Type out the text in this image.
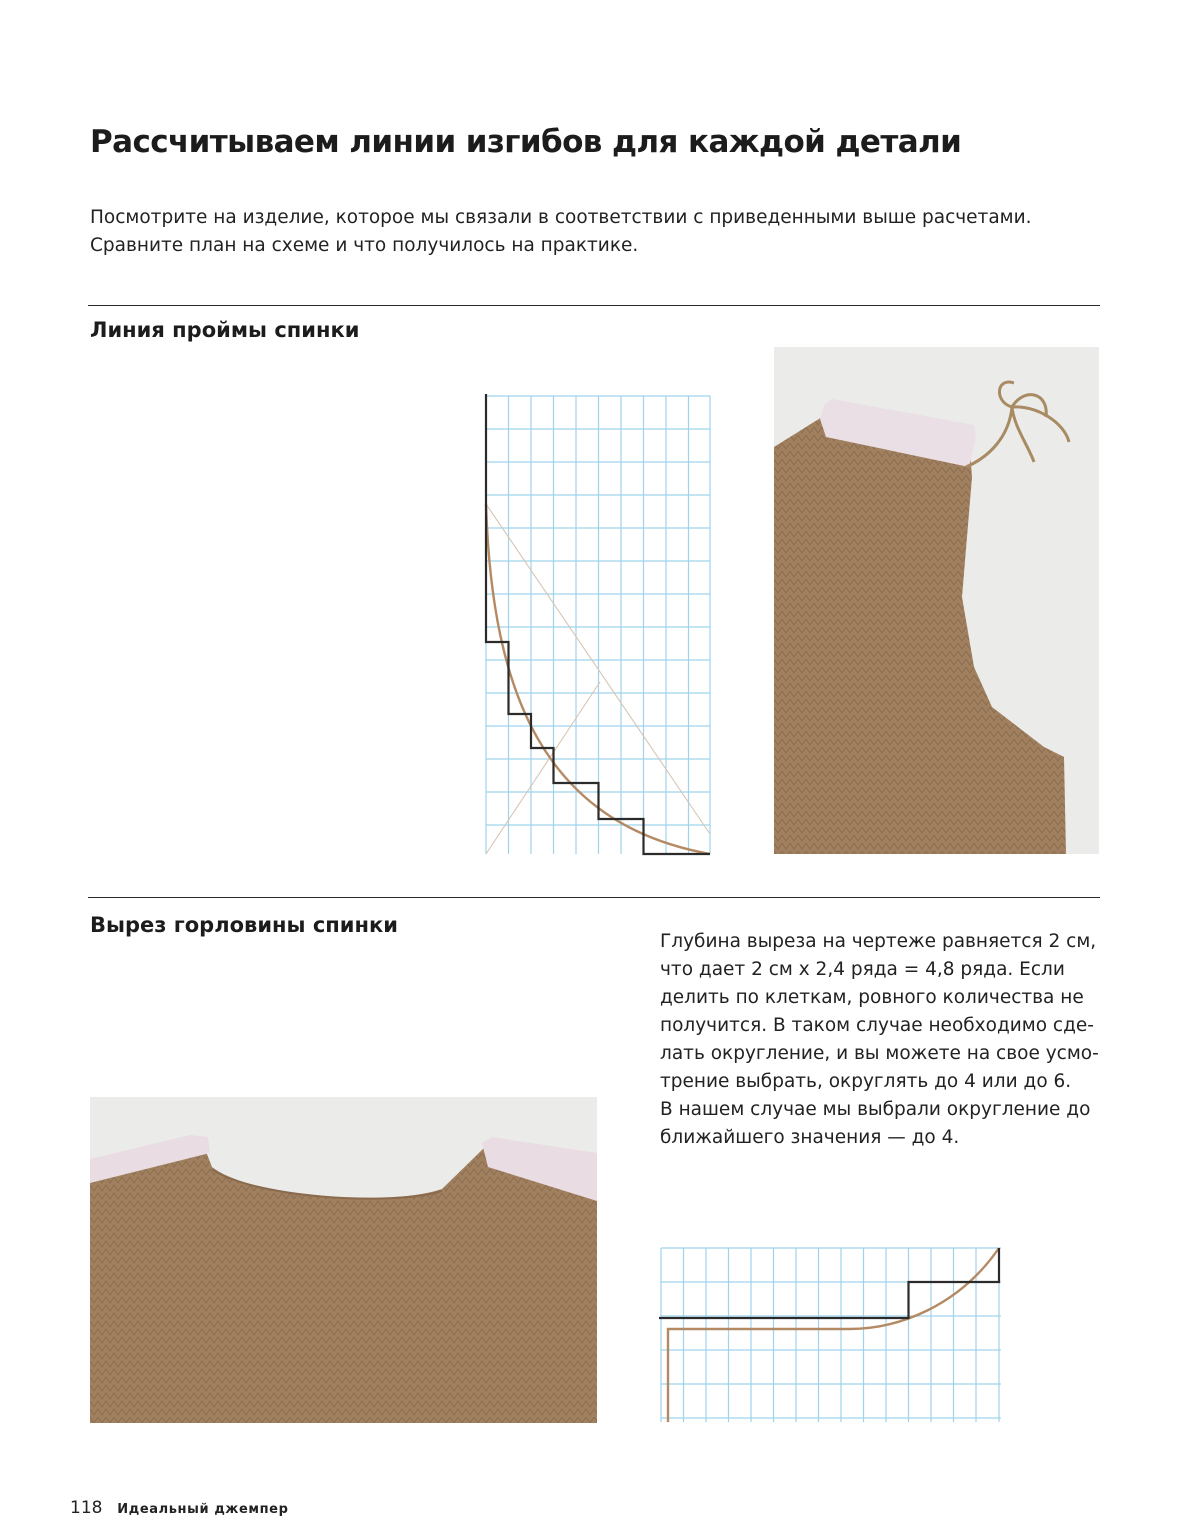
Рассчитываем линии изгибов для каждой детали
Посмотрите на изделие, которое мы связали в соответствии с приведенными выше расчетами.
Сравните план на схеме и что получилось на практике.
Линия проймы спинки
Вырез горловины спинки

Глубина выреза на чертеже равняется 2 см,

что дает 2 см х 2,4 ряда = 4,8 ряда. Если

делить по клеткам, ровного количества не

получится. В таком случае необходимо сде-

лать округление, и вы можете на свое усмо-

трение выбрать, округлять до 4 или до 6.

В нашем случае мы выбрали округление до

ближайшего значения — до 4.

118 Идеальный джемпер
